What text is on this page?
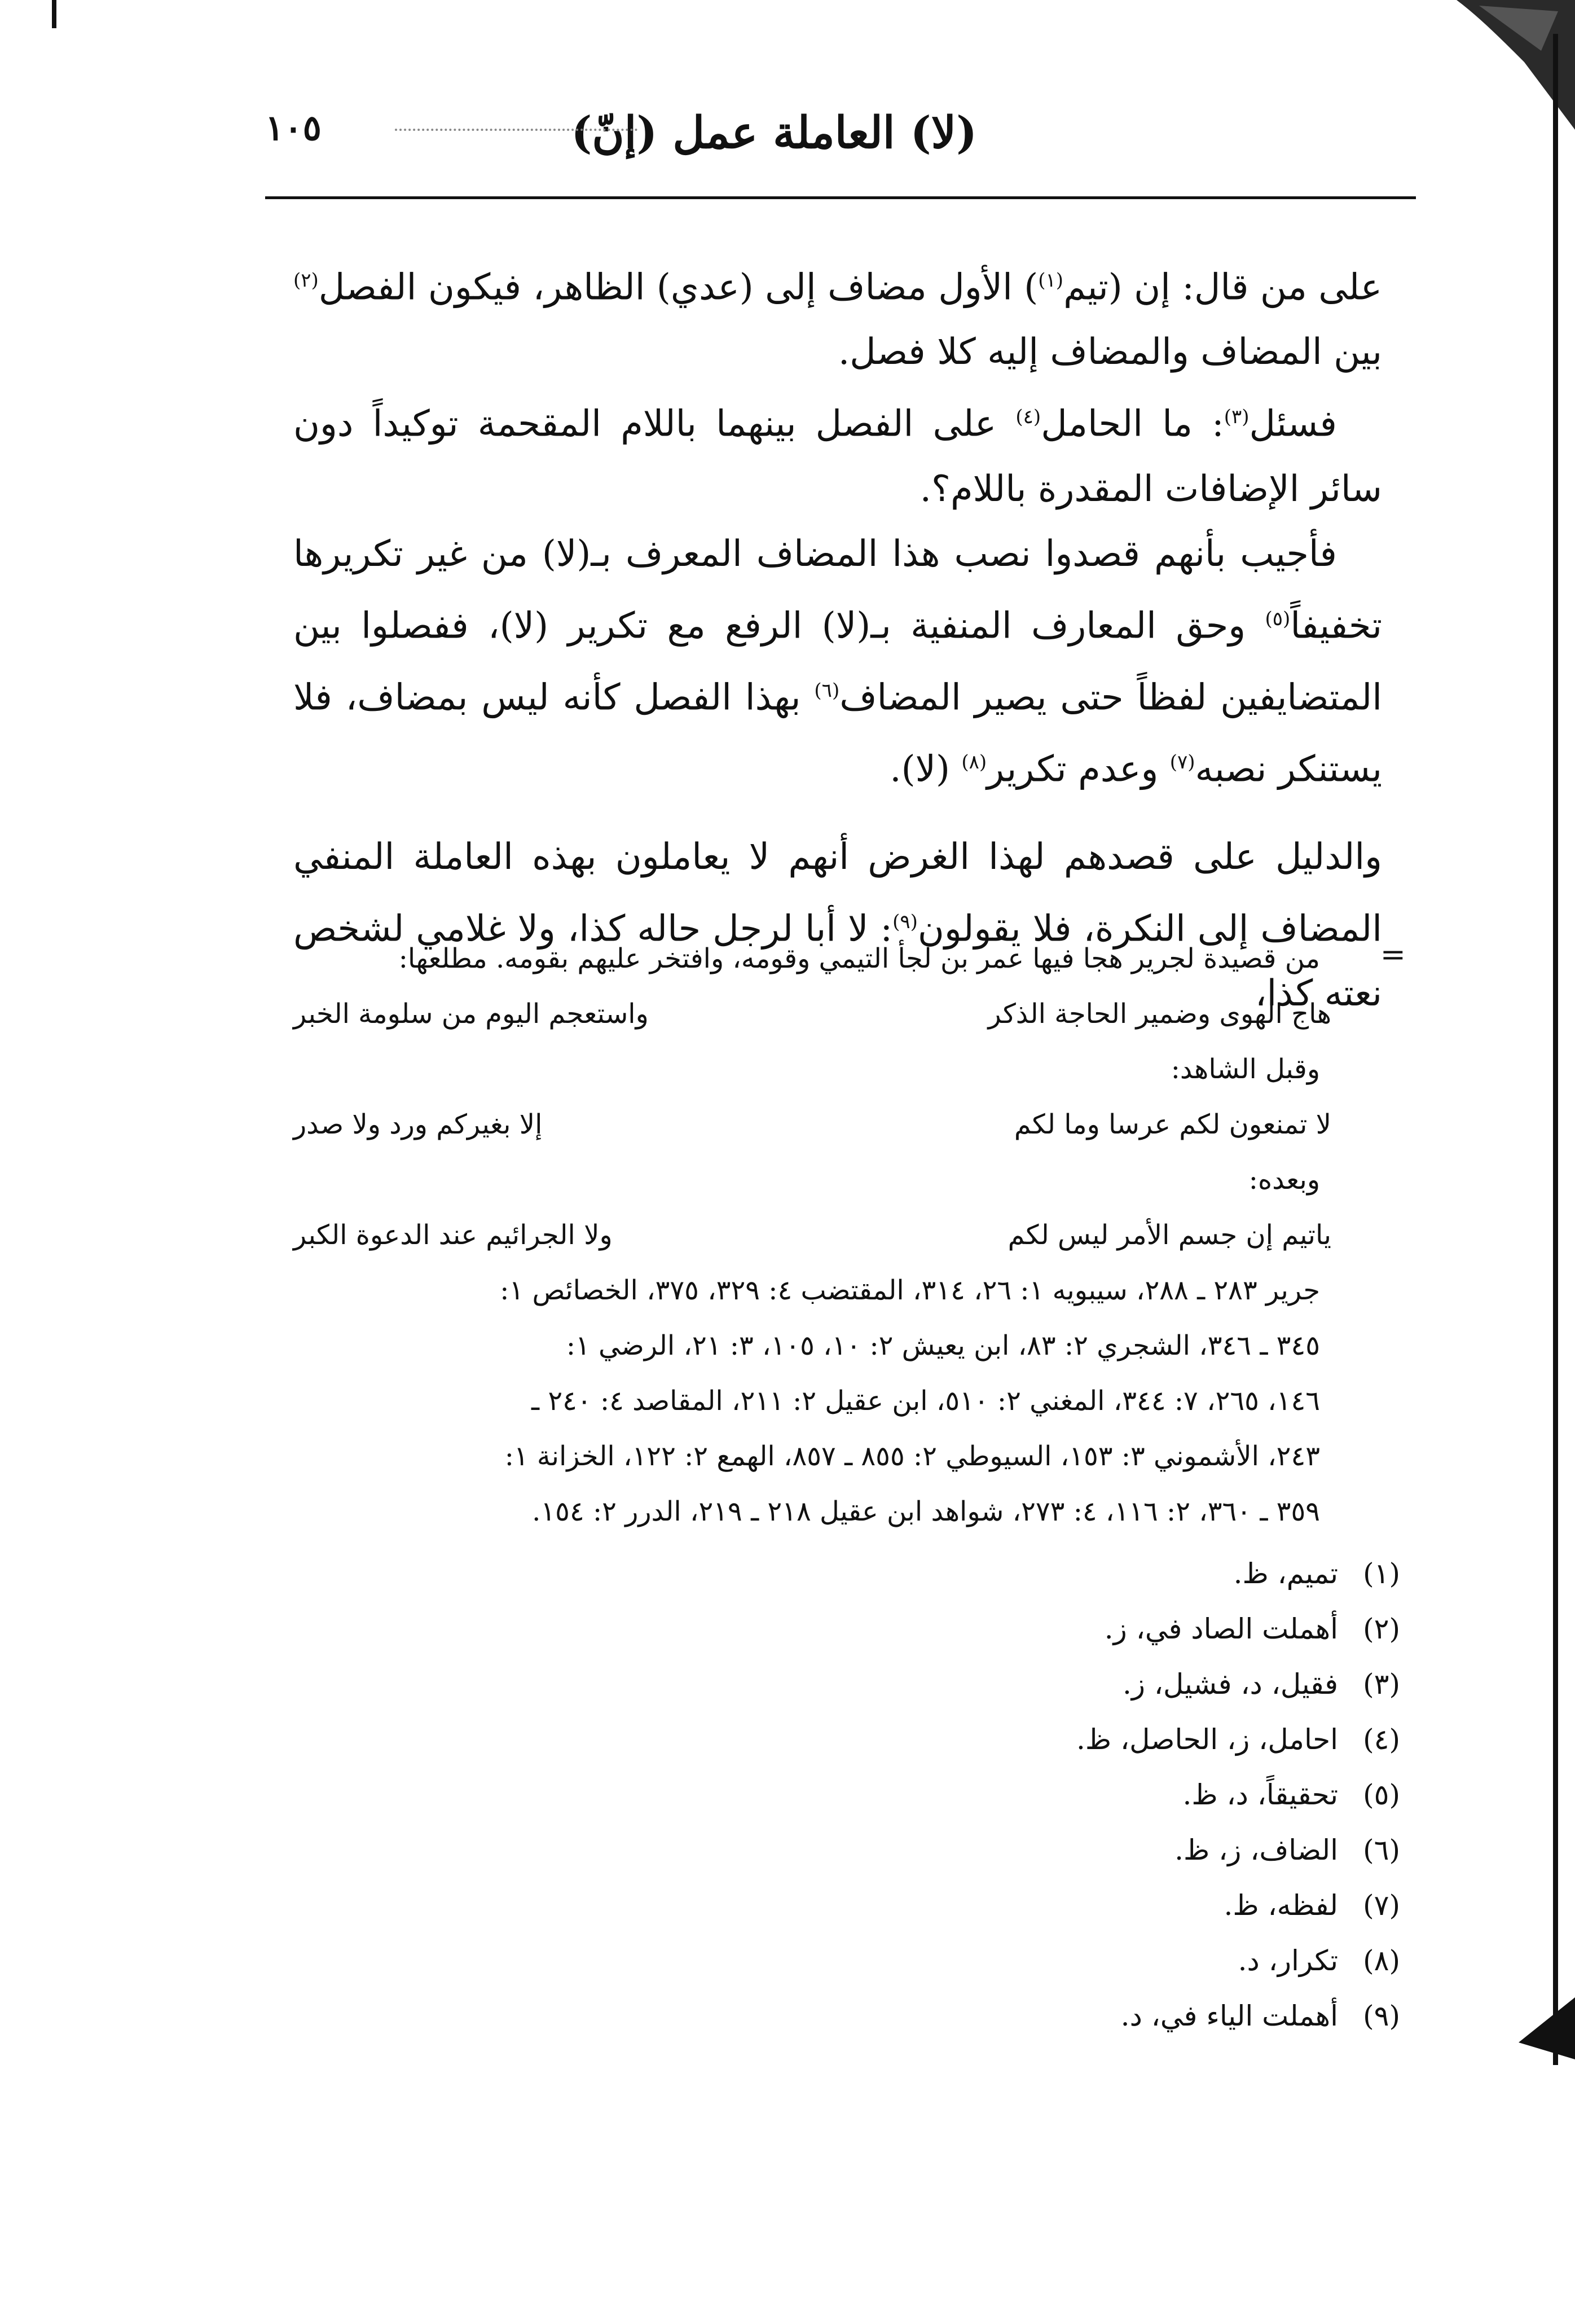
(لا) العاملة عمل (إنّ)
١٠٥

على من قال: إن (تيم$^{(١)}$) الأول مضاف إلى (عدي) الظاهر، فيكون الفصل$^{(٢)}$ بين المضاف والمضاف إليه كلا فصل.

فسئل$^{(٣)}$: ما الحامل$^{(٤)}$ على الفصل بينهما باللام المقحمة توكيداً دون سائر الإضافات المقدرة باللام؟.

فأجيب بأنهم قصدوا نصب هذا المضاف المعرف بـ(لا) من غير تكريرها تخفيفاً$^{(٥)}$ وحق المعارف المنفية بـ(لا) الرفع مع تكرير (لا)، ففصلوا بين المتضايفين لفظاً حتى يصير المضاف$^{(٦)}$ بهذا الفصل كأنه ليس بمضاف، فلا يستنكر نصبه$^{(٧)}$ وعدم تكرير$^{(٨)}$ (لا).

والدليل على قصدهم لهذا الغرض أنهم لا يعاملون بهذه العاملة المنفي المضاف إلى النكرة، فلا يقولون$^{(٩)}$: لا أبا لرجل حاله كذا، ولا غلامي لشخص نعته كذا،

=

من قصيدة لجرير هجا فيها عمر بن لجأ التيمي وقومه، وافتخر عليهم بقومه. مطلعها:

هاج الهوى وضمير الحاجة الذكر
واستعجم اليوم من سلومة الخبر

وقبل الشاهد:

لا تمنعون لكم عرسا وما لكم
إلا بغيركم ورد ولا صدر

وبعده:

ياتيم إن جسم الأمر ليس لكم
ولا الجرائيم عند الدعوة الكبر

جرير ٢٨٣ ـ ٢٨٨، سيبويه ١: ٢٦، ٣١٤، المقتضب ٤: ٣٢٩، ٣٧٥، الخصائص ١:

٣٤٥ ـ ٣٤٦، الشجري ٢: ٨٣، ابن يعيش ٢: ١٠، ١٠٥، ٣: ٢١، الرضي ١:

١٤٦، ٢٦٥، ٧: ٣٤٤، المغني ٢: ٥١٠، ابن عقيل ٢: ٢١١، المقاصد ٤: ٢٤٠ ـ

٢٤٣، الأشموني ٣: ١٥٣، السيوطي ٢: ٨٥٥ ـ ٨٥٧، الهمع ٢: ١٢٢، الخزانة ١:

٣٥٩ ـ ٣٦٠، ٢: ١١٦، ٤: ٢٧٣، شواهد ابن عقيل ٢١٨ ـ ٢١٩، الدرر ٢: ١٥٤.

(١)
تميم، ظ.
(٢)
أهملت الصاد في، ز.
(٣)
فقيل، د، فشيل، ز.
(٤)
احامل، ز، الحاصل، ظ.
(٥)
تحقيقاً، د، ظ.
(٦)
الضاف، ز، ظ.
(٧)
لفظه، ظ.
(٨)
تكرار، د.
(٩)
أهملت الياء في، د.
